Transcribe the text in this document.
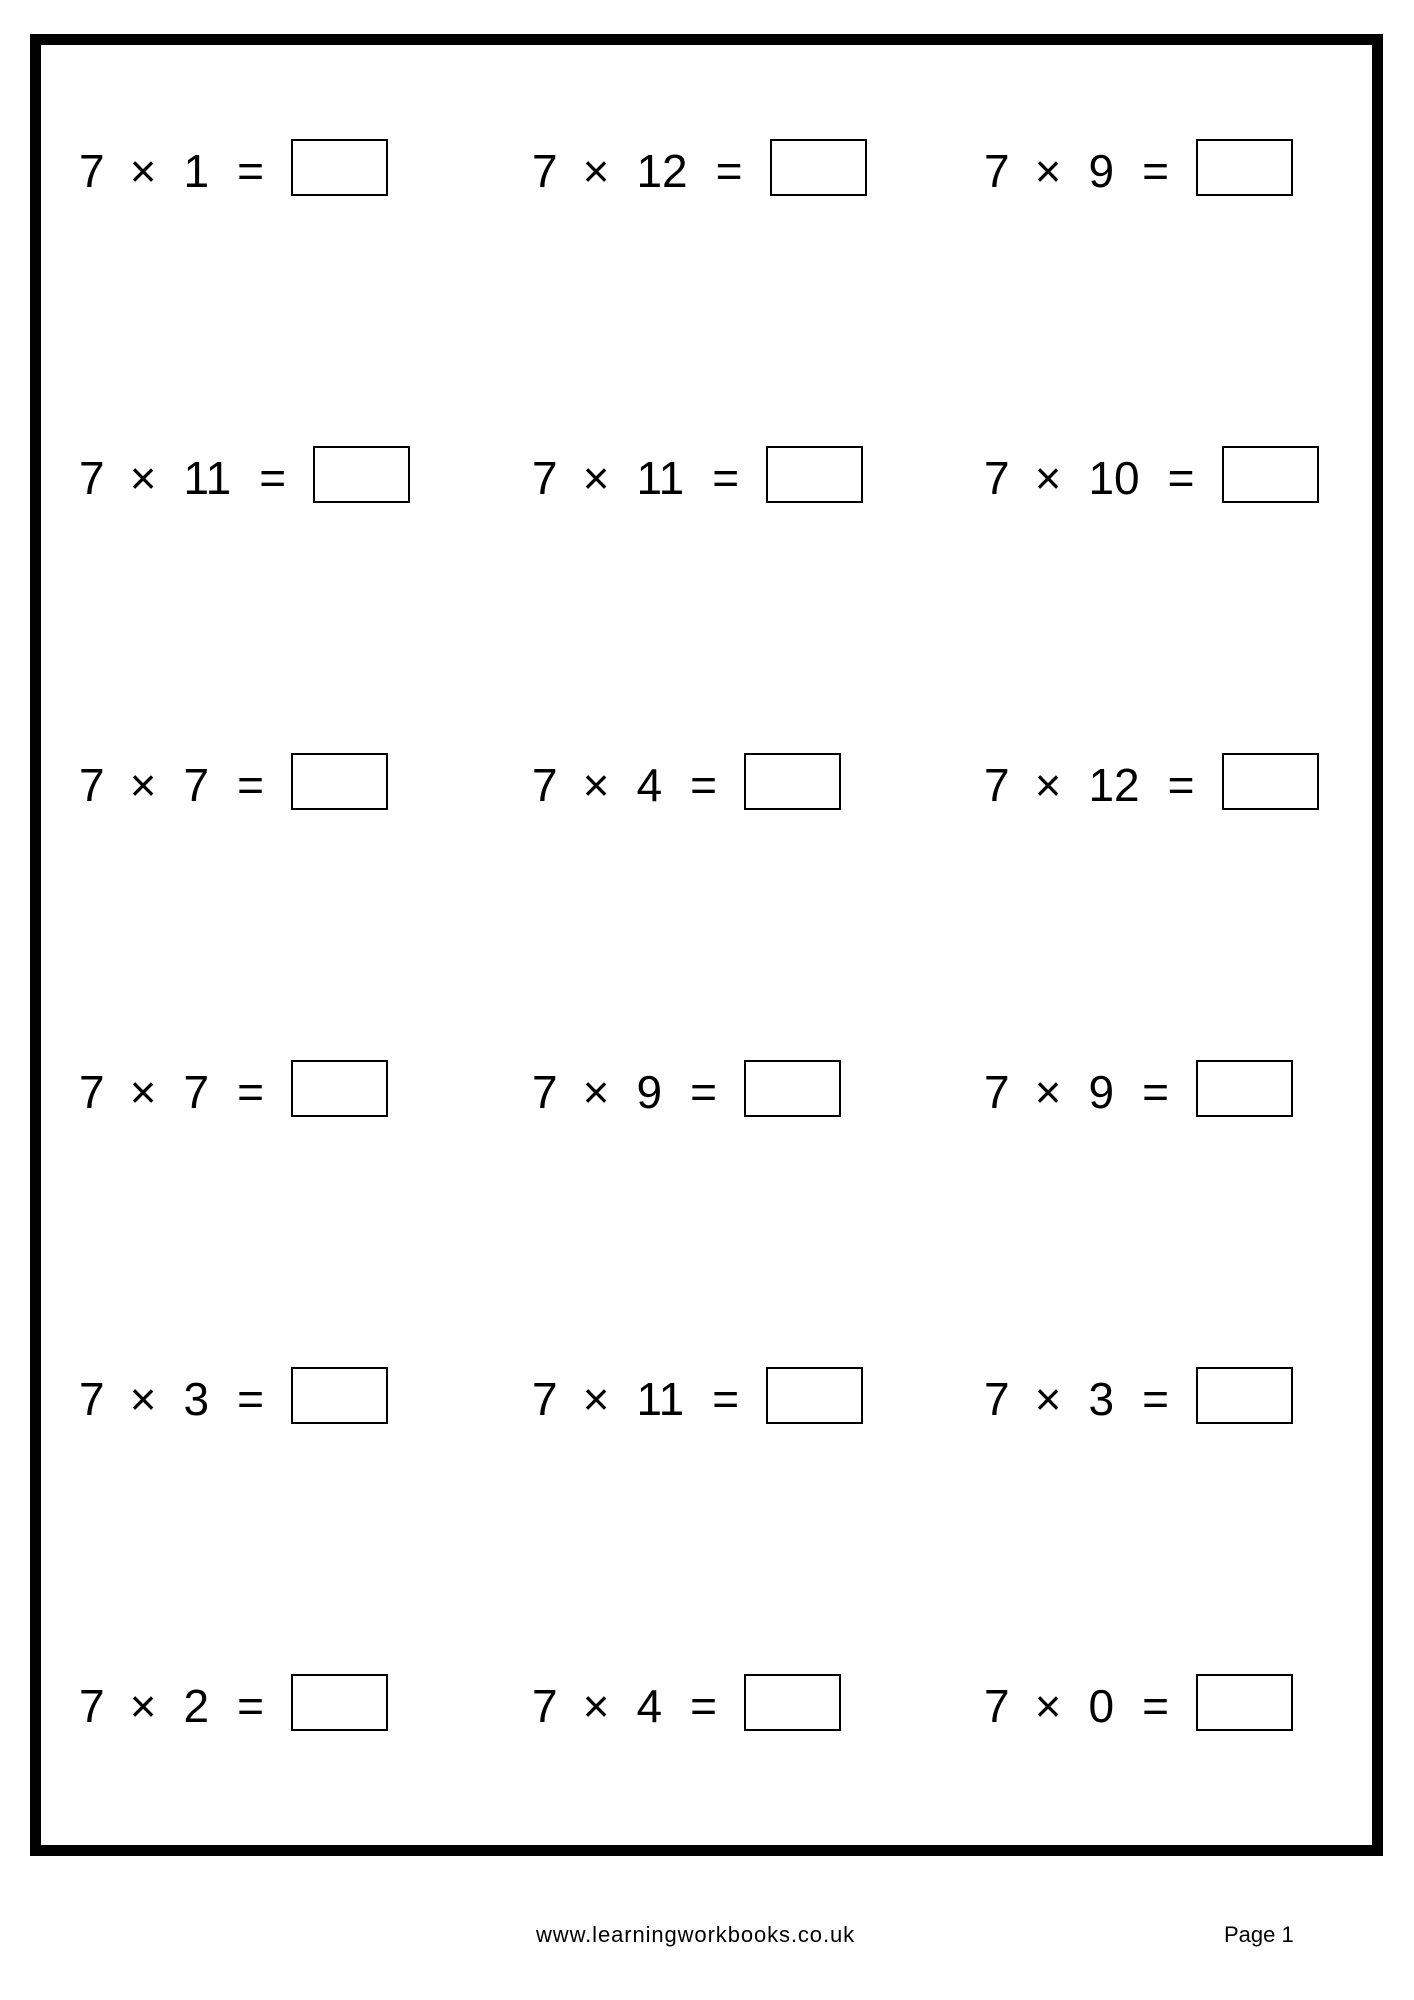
7 × 1 =	7 × 12 =	7 × 9 =
7 × 11 =	7 × 11 =	7 × 10 =
7 × 7 =	7 × 4 =	7 × 12 =
7 × 7 =	7 × 9 =	7 × 9 =
7 × 3 =	7 × 11 =	7 × 3 =
7 × 2 =	7 × 4 =	7 × 0 =
www.learningworkbooks.co.uk	Page 1
